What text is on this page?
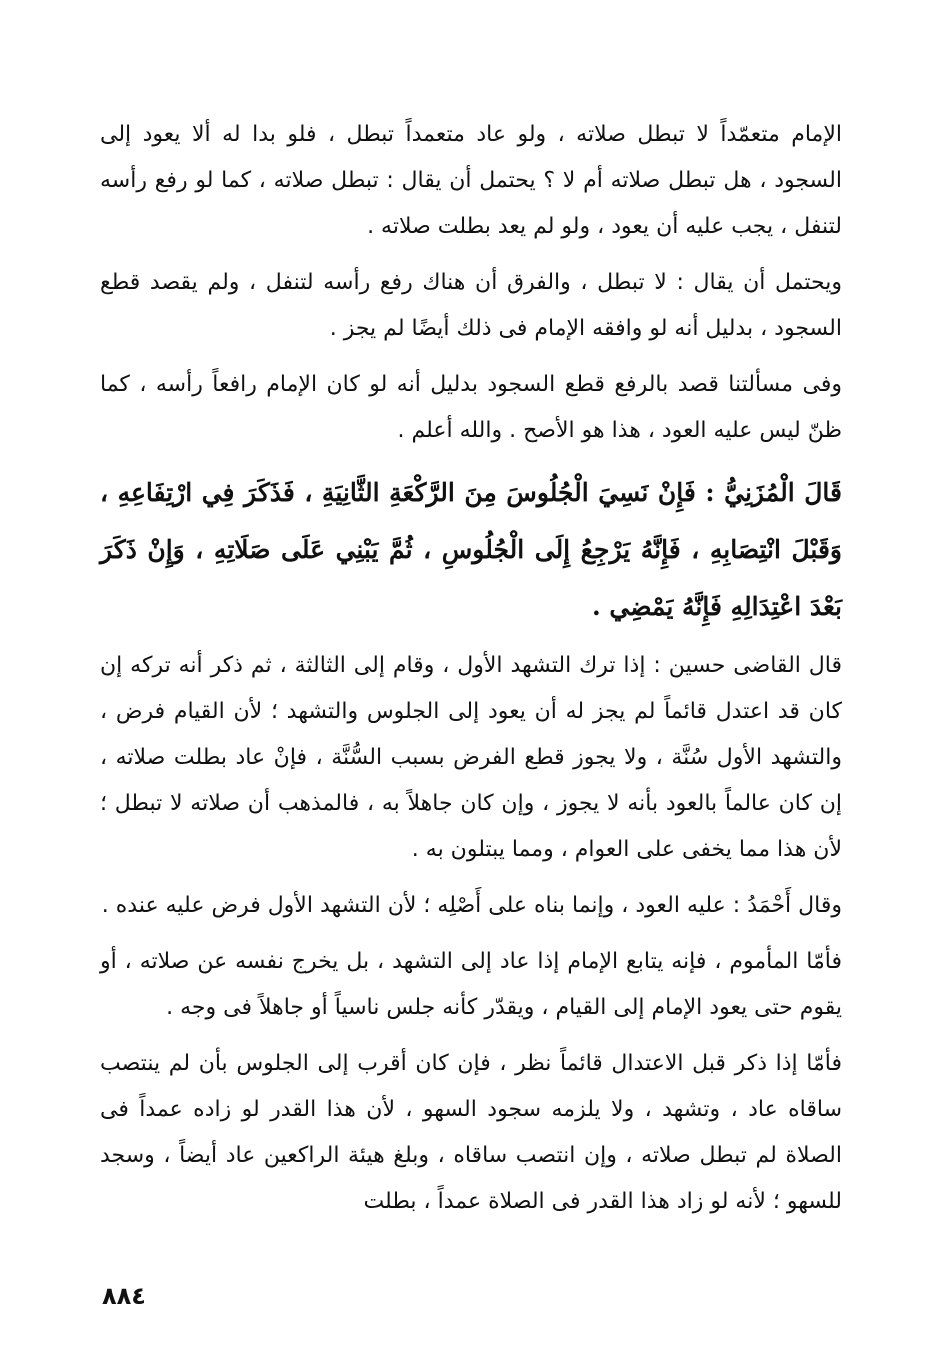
الإمام متعمّداً لا تبطل صلاته ، ولو عاد متعمداً تبطل ، فلو بدا له ألا يعود إلى السجود ، هل تبطل صلاته أم لا ؟ يحتمل أن يقال : تبطل صلاته ، كما لو رفع رأسه لتنفل ، يجب عليه أن يعود ، ولو لم يعد بطلت صلاته .

ويحتمل أن يقال : لا تبطل ، والفرق أن هناك رفع رأسه لتنفل ، ولم يقصد قطع السجود ، بدليل أنه لو وافقه الإمام فى ذلك أيضًا لم يجز .

وفى مسألتنا قصد بالرفع قطع السجود بدليل أنه لو كان الإمام رافعاً رأسه ، كما ظنّ ليس عليه العود ، هذا هو الأصح . والله أعلم .

قَالَ الْمُزَنِيُّ : فَإِنْ نَسِيَ الْجُلُوسَ مِنَ الرَّكْعَةِ الثَّانِيَةِ ، فَذَكَرَ فِي ارْتِفَاعِهِ ، وَقَبْلَ انْتِصَابِهِ ، فَإِنَّهُ يَرْجِعُ إِلَى الْجُلُوسِ ، ثُمَّ يَبْنِي عَلَى صَلَاتِهِ ، وَإِنْ ذَكَرَ بَعْدَ اعْتِدَالِهِ فَإِنَّهُ يَمْضِي .

قال القاضى حسين : إذا ترك التشهد الأول ، وقام إلى الثالثة ، ثم ذكر أنه تركه إن كان قد اعتدل قائماً لم يجز له أن يعود إلى الجلوس والتشهد ؛ لأن القيام فرض ، والتشهد الأول سُنَّة ، ولا يجوز قطع الفرض بسبب السُّنَّة ، فإنْ عاد بطلت صلاته ، إن كان عالماً بالعود بأنه لا يجوز ، وإن كان جاهلاً به ، فالمذهب أن صلاته لا تبطل ؛ لأن هذا مما يخفى على العوام ، ومما يبتلون به .

وقال أَحْمَدُ : عليه العود ، وإنما بناه على أَصْلِه ؛ لأن التشهد الأول فرض عليه عنده .

فأمّا المأموم ، فإنه يتابع الإمام إذا عاد إلى التشهد ، بل يخرج نفسه عن صلاته ، أو يقوم حتى يعود الإمام إلى القيام ، ويقدّر كأنه جلس ناسياً أو جاهلاً فى وجه .

فأمّا إذا ذكر قبل الاعتدال قائماً نظر ، فإن كان أقرب إلى الجلوس بأن لم ينتصب ساقاه عاد ، وتشهد ، ولا يلزمه سجود السهو ، لأن هذا القدر لو زاده عمداً فى الصلاة لم تبطل صلاته ، وإن انتصب ساقاه ، وبلغ هيئة الراكعين عاد أيضاً ، وسجد للسهو ؛ لأنه لو زاد هذا القدر فى الصلاة عمداً ، بطلت

٨٨٤
